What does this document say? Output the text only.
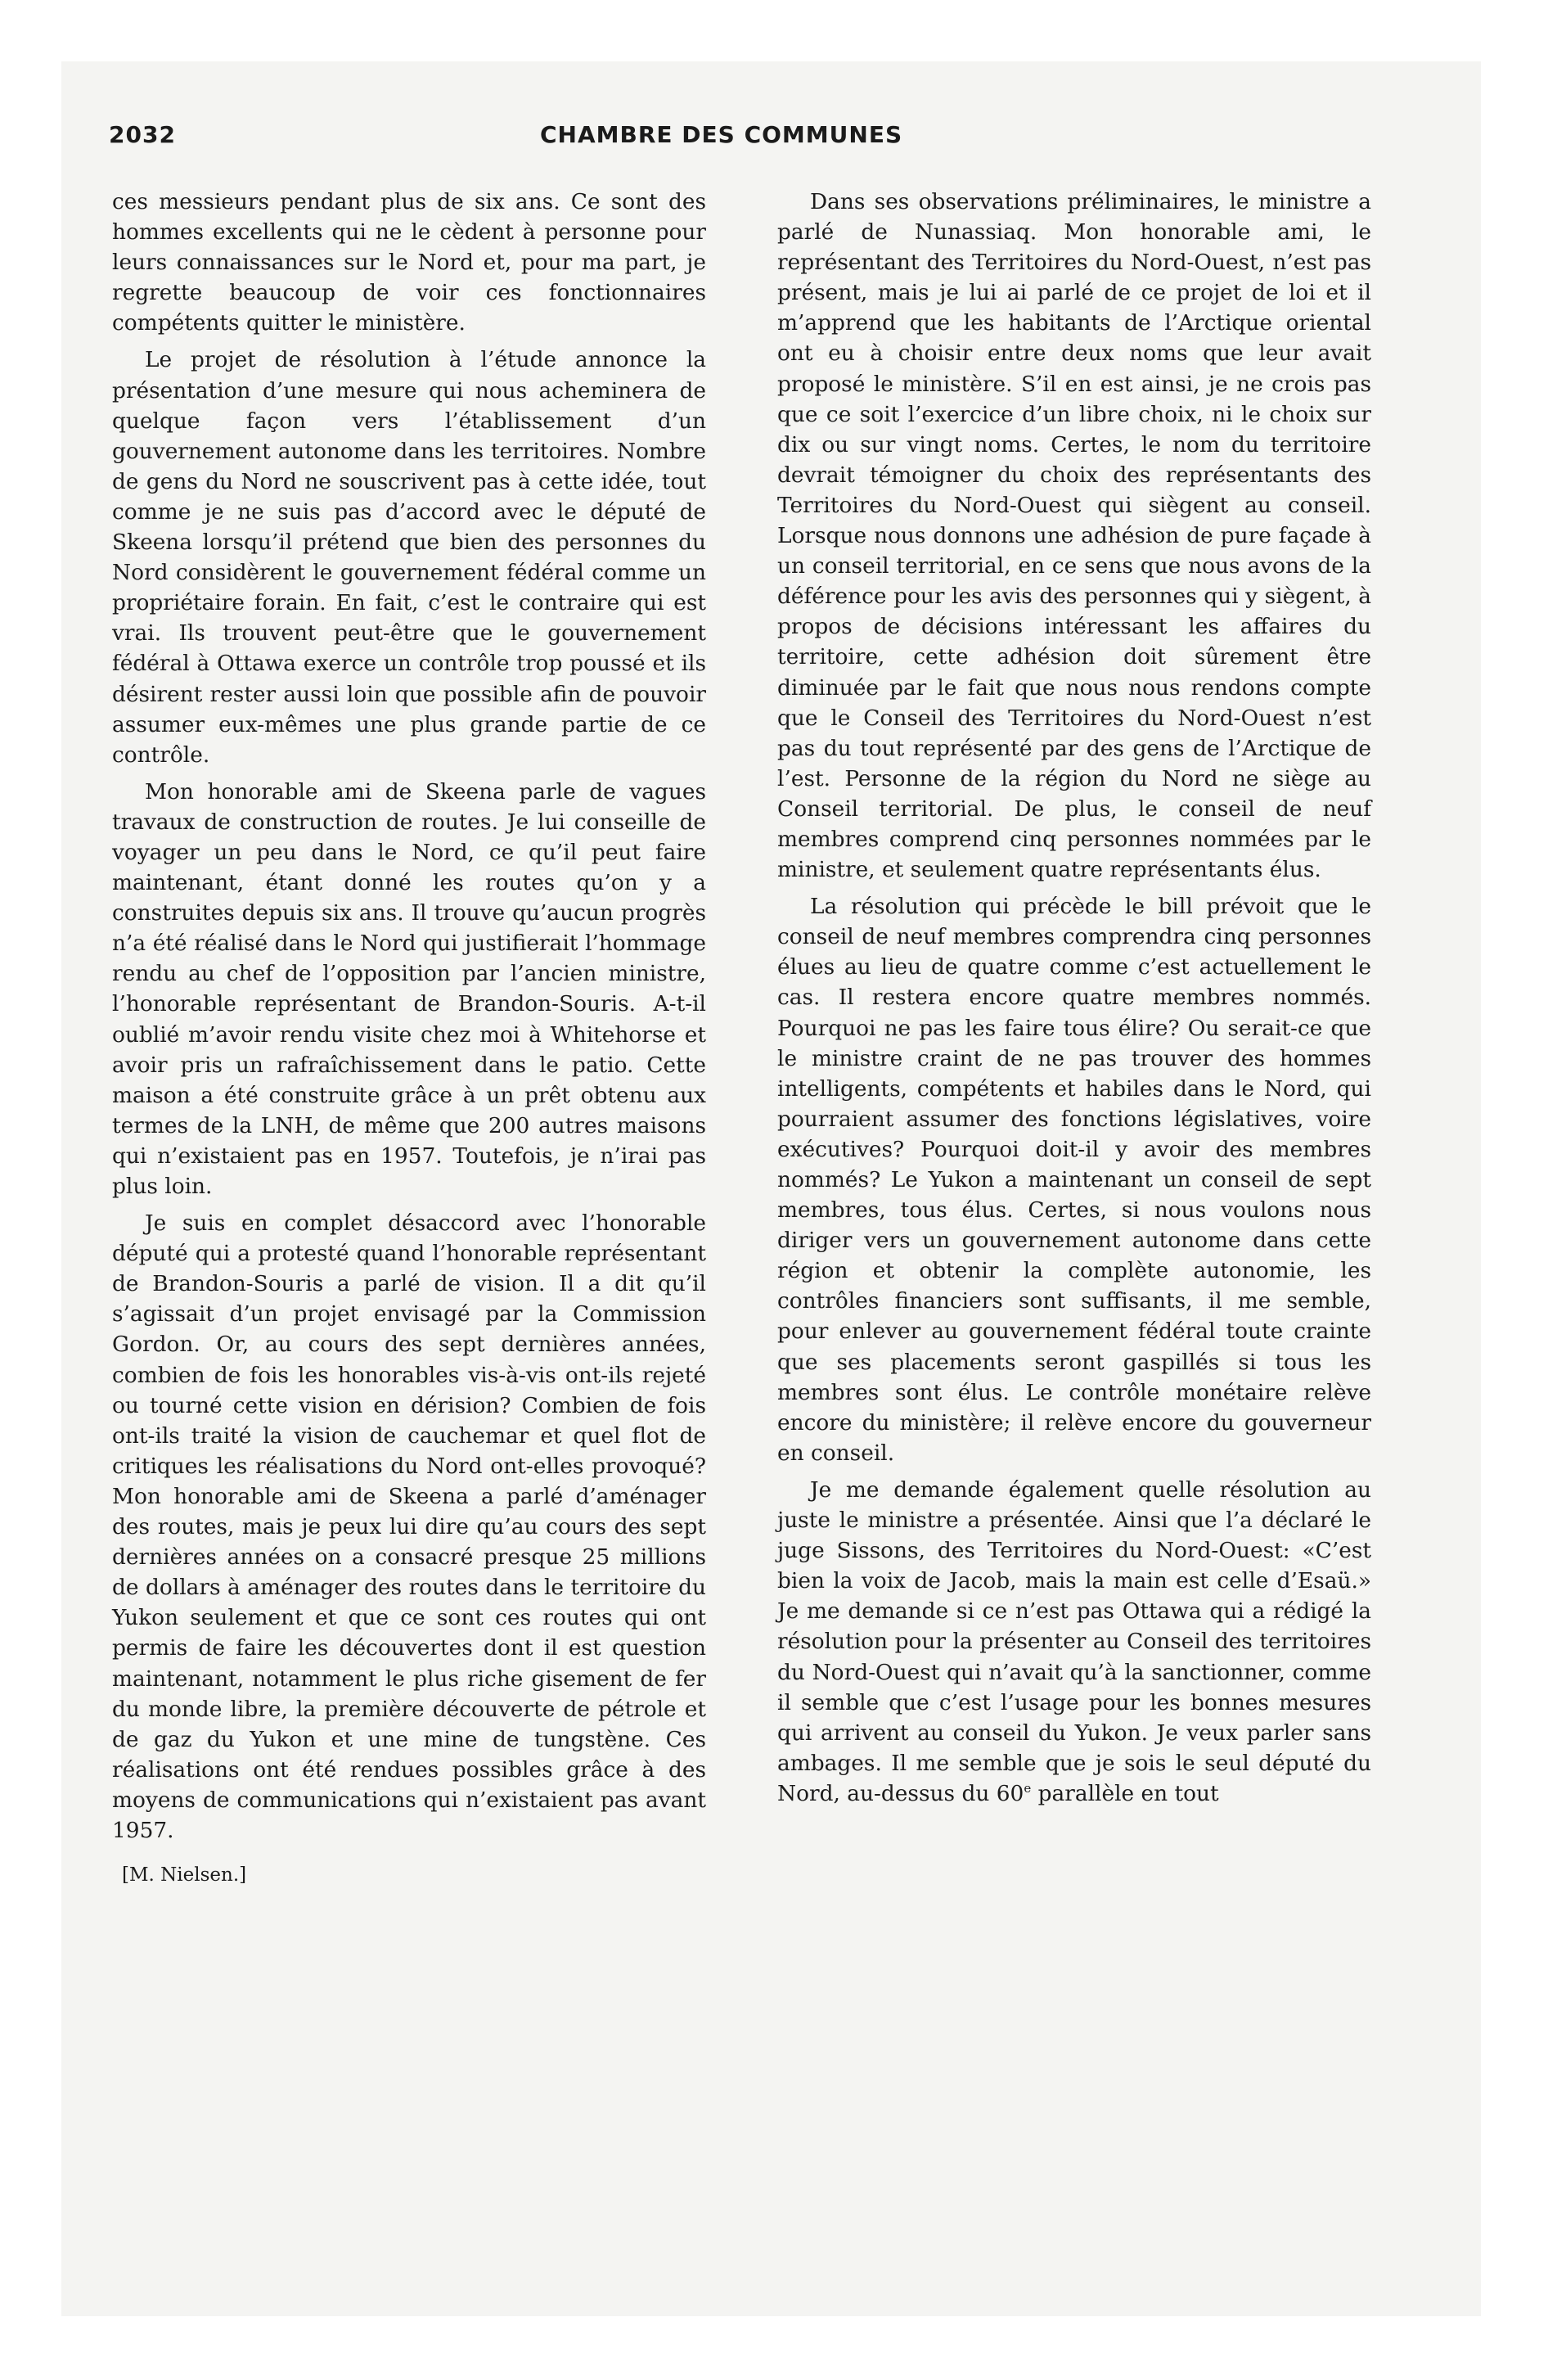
2032	CHAMBRE DES COMMUNES

ces messieurs pendant plus de six ans. Ce sont des hommes excellents qui ne le cèdent à personne pour leurs connaissances sur le Nord et, pour ma part, je regrette beaucoup de voir ces fonctionnaires compétents quitter le ministère.

Le projet de résolution à l’étude annonce la présentation d’une mesure qui nous acheminera de quelque façon vers l’établissement d’un gouvernement autonome dans les territoires. Nombre de gens du Nord ne souscrivent pas à cette idée, tout comme je ne suis pas d’accord avec le député de Skeena lorsqu’il prétend que bien des personnes du Nord considèrent le gouvernement fédéral comme un propriétaire forain. En fait, c’est le contraire qui est vrai. Ils trouvent peut-être que le gouvernement fédéral à Ottawa exerce un contrôle trop poussé et ils désirent rester aussi loin que possible afin de pouvoir assumer eux-mêmes une plus grande partie de ce contrôle.

Mon honorable ami de Skeena parle de vagues travaux de construction de routes. Je lui conseille de voyager un peu dans le Nord, ce qu’il peut faire maintenant, étant donné les routes qu’on y a construites depuis six ans. Il trouve qu’aucun progrès n’a été réalisé dans le Nord qui justifierait l’hommage rendu au chef de l’opposition par l’ancien ministre, l’honorable représentant de Brandon-Souris. A-t-il oublié m’avoir rendu visite chez moi à Whitehorse et avoir pris un rafraîchissement dans le patio. Cette maison a été construite grâce à un prêt obtenu aux termes de la LNH, de même que 200 autres maisons qui n’existaient pas en 1957. Toutefois, je n’irai pas plus loin.

Je suis en complet désaccord avec l’honorable député qui a protesté quand l’honorable représentant de Brandon-Souris a parlé de vision. Il a dit qu’il s’agissait d’un projet envisagé par la Commission Gordon. Or, au cours des sept dernières années, combien de fois les honorables vis-à-vis ont-ils rejeté ou tourné cette vision en dérision? Combien de fois ont-ils traité la vision de cauchemar et quel flot de critiques les réalisations du Nord ont-elles provoqué? Mon honorable ami de Skeena a parlé d’aménager des routes, mais je peux lui dire qu’au cours des sept dernières années on a consacré presque 25 millions de dollars à aménager des routes dans le territoire du Yukon seulement et que ce sont ces routes qui ont permis de faire les découvertes dont il est question maintenant, notamment le plus riche gisement de fer du monde libre, la première découverte de pétrole et de gaz du Yukon et une mine de tungstène. Ces réalisations ont été rendues possibles grâce à des moyens de communications qui n’existaient pas avant 1957.

[M. Nielsen.]

Dans ses observations préliminaires, le ministre a parlé de Nunassiaq. Mon honorable ami, le représentant des Territoires du Nord-Ouest, n’est pas présent, mais je lui ai parlé de ce projet de loi et il m’apprend que les habitants de l’Arctique oriental ont eu à choisir entre deux noms que leur avait proposé le ministère. S’il en est ainsi, je ne crois pas que ce soit l’exercice d’un libre choix, ni le choix sur dix ou sur vingt noms. Certes, le nom du territoire devrait témoigner du choix des représentants des Territoires du Nord-Ouest qui siègent au conseil. Lorsque nous donnons une adhésion de pure façade à un conseil territorial, en ce sens que nous avons de la déférence pour les avis des personnes qui y siègent, à propos de décisions intéressant les affaires du territoire, cette adhésion doit sûrement être diminuée par le fait que nous nous rendons compte que le Conseil des Territoires du Nord-Ouest n’est pas du tout représenté par des gens de l’Arctique de l’est. Personne de la région du Nord ne siège au Conseil territorial. De plus, le conseil de neuf membres comprend cinq personnes nommées par le ministre, et seulement quatre représentants élus.

La résolution qui précède le bill prévoit que le conseil de neuf membres comprendra cinq personnes élues au lieu de quatre comme c’est actuellement le cas. Il restera encore quatre membres nommés. Pourquoi ne pas les faire tous élire? Ou serait-ce que le ministre craint de ne pas trouver des hommes intelligents, compétents et habiles dans le Nord, qui pourraient assumer des fonctions législatives, voire exécutives? Pourquoi doit-il y avoir des membres nommés? Le Yukon a maintenant un conseil de sept membres, tous élus. Certes, si nous voulons nous diriger vers un gouvernement autonome dans cette région et obtenir la complète autonomie, les contrôles financiers sont suffisants, il me semble, pour enlever au gouvernement fédéral toute crainte que ses placements seront gaspillés si tous les membres sont élus. Le contrôle monétaire relève encore du ministère; il relève encore du gouverneur en conseil.

Je me demande également quelle résolution au juste le ministre a présentée. Ainsi que l’a déclaré le juge Sissons, des Territoires du Nord-Ouest: «C’est bien la voix de Jacob, mais la main est celle d’Esaü.» Je me demande si ce n’est pas Ottawa qui a rédigé la résolution pour la présenter au Conseil des territoires du Nord-Ouest qui n’avait qu’à la sanctionner, comme il semble que c’est l’usage pour les bonnes mesures qui arrivent au conseil du Yukon. Je veux parler sans ambages. Il me semble que je sois le seul député du Nord, au-dessus du 60e parallèle en tout
